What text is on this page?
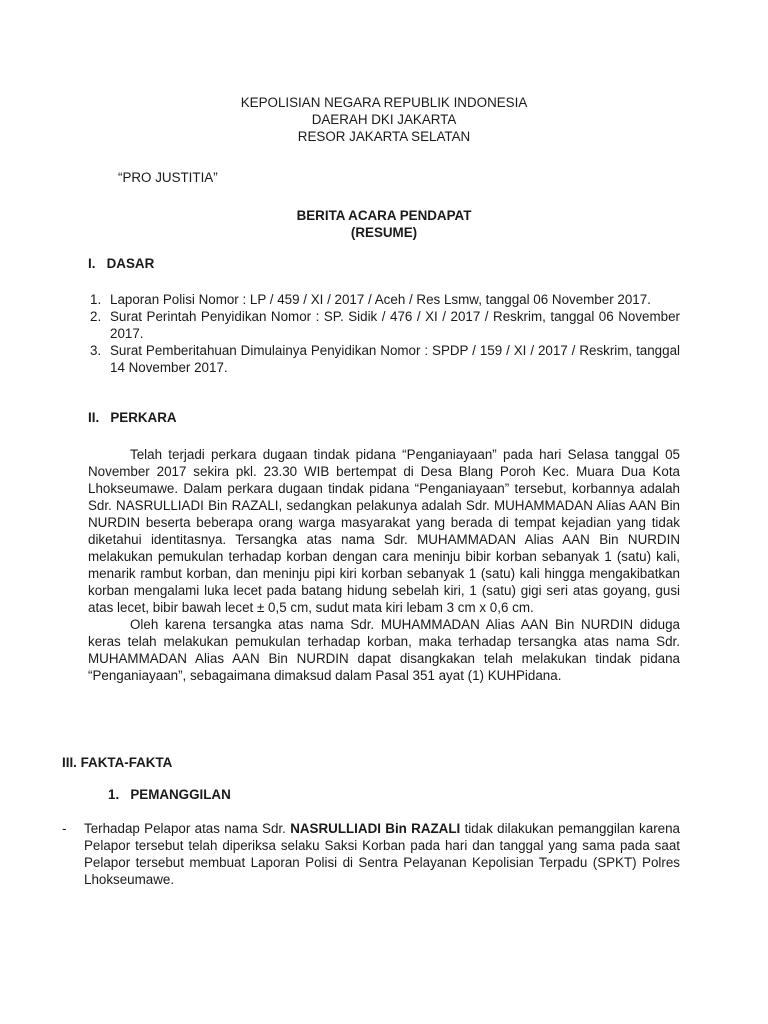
KEPOLISIAN NEGARA REPUBLIK INDONESIA
DAERAH DKI JAKARTA
RESOR JAKARTA SELATAN
“PRO JUSTITIA”
BERITA ACARA PENDAPAT
(RESUME)
I. DASAR
1. Laporan Polisi Nomor : LP / 459 / XI / 2017 / Aceh / Res Lsmw, tanggal 06 November 2017.
2. Surat Perintah Penyidikan Nomor : SP. Sidik / 476 / XI / 2017 / Reskrim, tanggal 06 November 2017.
3. Surat Pemberitahuan Dimulainya Penyidikan Nomor : SPDP / 159 / XI / 2017 / Reskrim, tanggal 14 November 2017.
II. PERKARA

Telah terjadi perkara dugaan tindak pidana “Penganiayaan” pada hari Selasa tanggal 05 November 2017 sekira pkl. 23.30 WIB bertempat di Desa Blang Poroh Kec. Muara Dua Kota Lhokseumawe. Dalam perkara dugaan tindak pidana “Penganiayaan” tersebut, korbannya adalah Sdr. NASRULLIADI Bin RAZALI, sedangkan pelakunya adalah Sdr. MUHAMMADAN Alias AAN Bin NURDIN beserta beberapa orang warga masyarakat yang berada di tempat kejadian yang tidak diketahui identitasnya. Tersangka atas nama Sdr. MUHAMMADAN Alias AAN Bin NURDIN melakukan pemukulan terhadap korban dengan cara meninju bibir korban sebanyak 1 (satu) kali, menarik rambut korban, dan meninju pipi kiri korban sebanyak 1 (satu) kali hingga mengakibatkan korban mengalami luka lecet pada batang hidung sebelah kiri, 1 (satu) gigi seri atas goyang, gusi atas lecet, bibir bawah lecet ± 0,5 cm, sudut mata kiri lebam 3 cm x 0,6 cm.

Oleh karena tersangka atas nama Sdr. MUHAMMADAN Alias AAN Bin NURDIN diduga keras telah melakukan pemukulan terhadap korban, maka terhadap tersangka atas nama Sdr. MUHAMMADAN Alias AAN Bin NURDIN dapat disangkakan telah melakukan tindak pidana “Penganiayaan”, sebagaimana dimaksud dalam Pasal 351 ayat (1) KUHPidana.

III. FAKTA-FAKTA
1.   PEMANGGILAN
-	Terhadap Pelapor atas nama Sdr. NASRULLIADI Bin RAZALI tidak dilakukan pemanggilan karena Pelapor tersebut telah diperiksa selaku Saksi Korban pada hari dan tanggal yang sama pada saat Pelapor tersebut membuat Laporan Polisi di Sentra Pelayanan Kepolisian Terpadu (SPKT) Polres Lhokseumawe.
